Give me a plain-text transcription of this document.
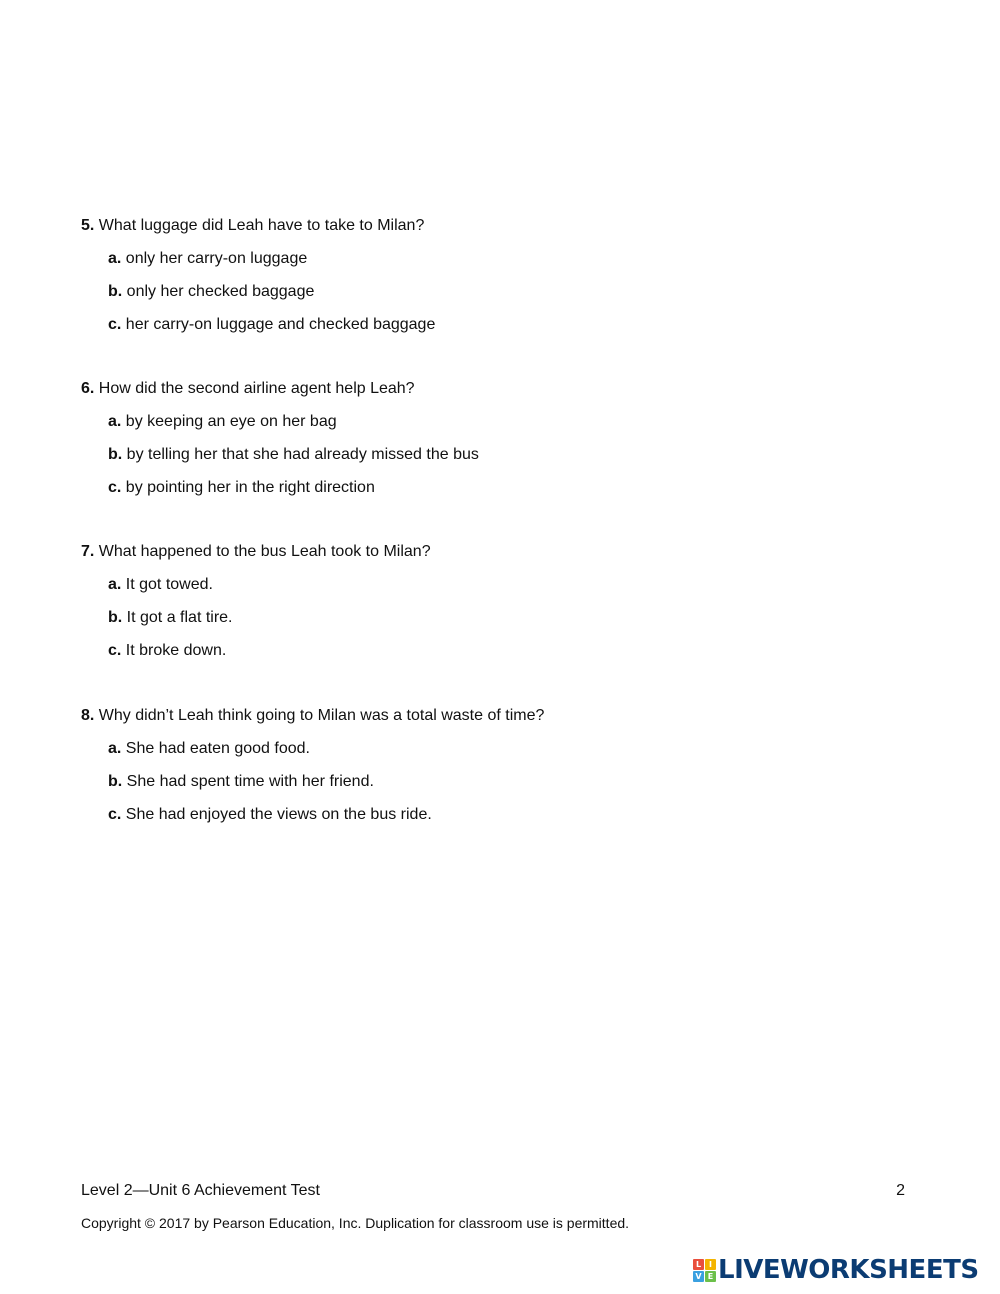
5. What luggage did Leah have to take to Milan?
a. only her carry-on luggage
b. only her checked baggage
c. her carry-on luggage and checked baggage
6. How did the second airline agent help Leah?
a. by keeping an eye on her bag
b. by telling her that she had already missed the bus
c. by pointing her in the right direction
7. What happened to the bus Leah took to Milan?
a. It got towed.
b. It got a flat tire.
c. It broke down.
8. Why didn’t Leah think going to Milan was a total waste of time?
a. She had eaten good food.
b. She had spent time with her friend.
c. She had enjoyed the views on the bus ride.
Level 2—Unit 6 Achievement Test	2
Copyright © 2017 by Pearson Education, Inc. Duplication for classroom use is permitted.
L I
V E LIVEWORKSHEETS
